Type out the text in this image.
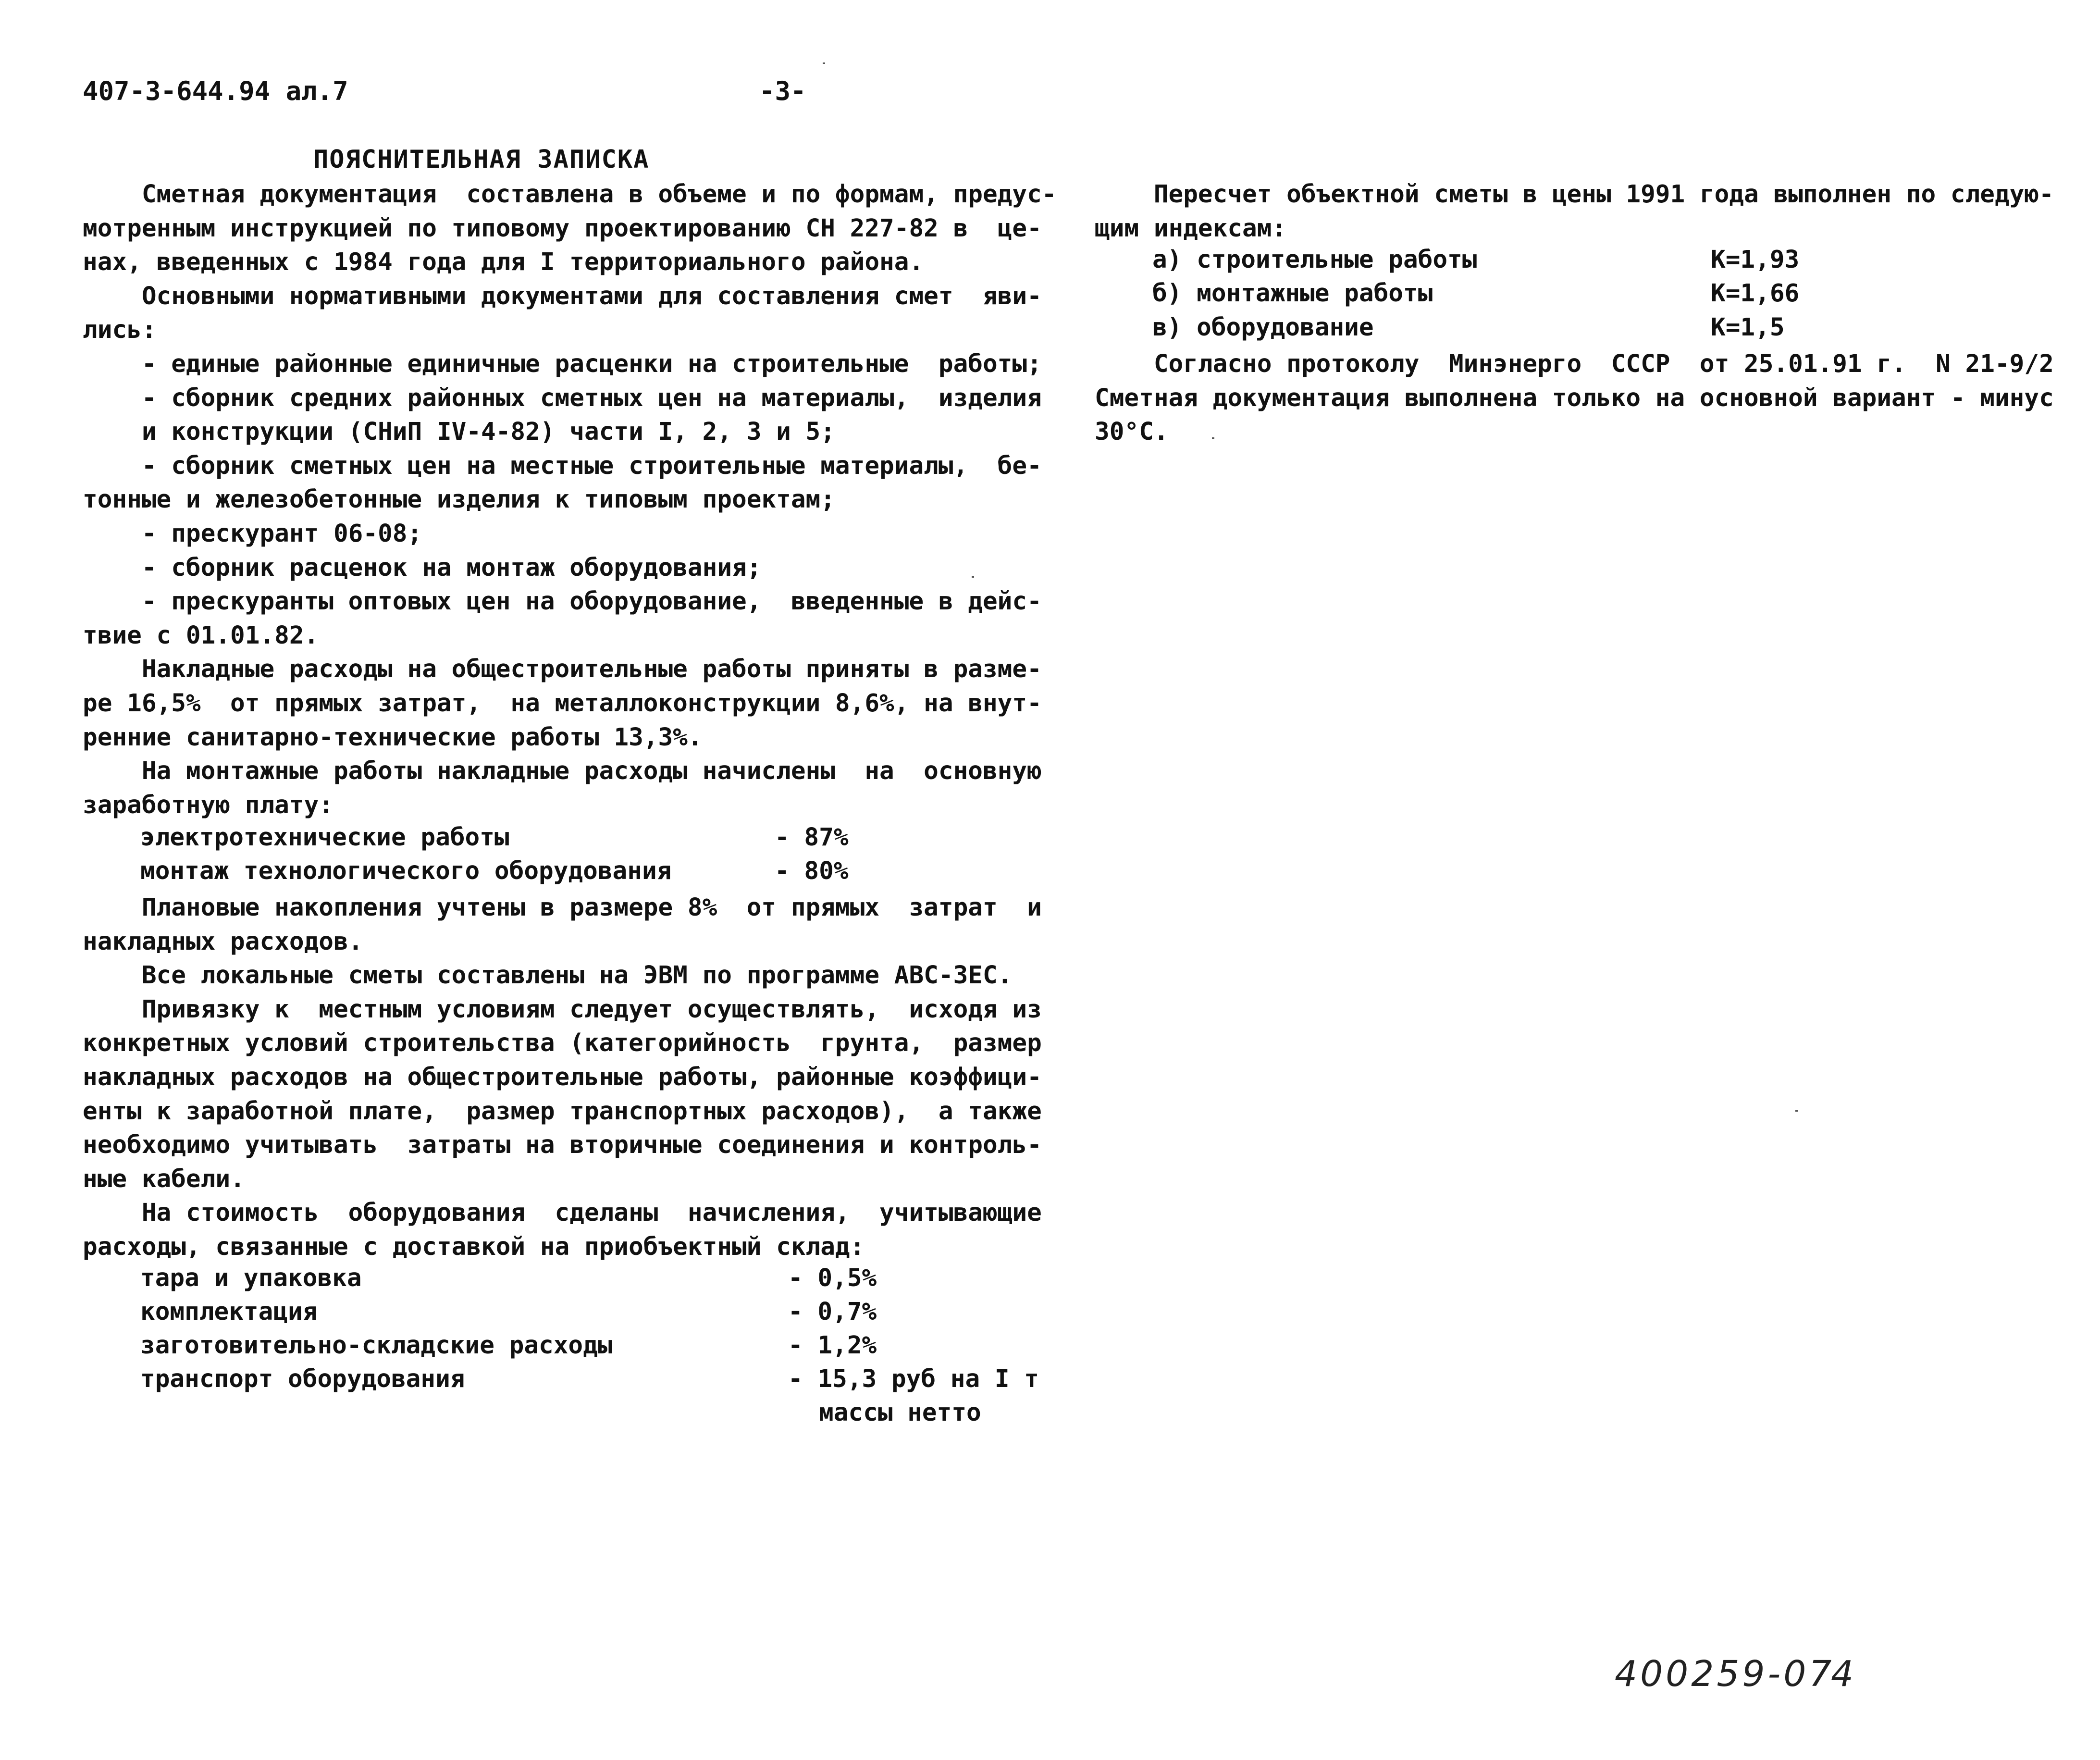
407-3-644.94 ал.7	-3-
ПОЯСНИТЕЛЬНАЯ ЗАПИСКА
Сметная документация  составлена в объеме и по формам, предус-
мотренным инструкцией по типовому проектированию СН 227-82 в  це-
нах, введенных с 1984 года для I территориального района.
Основными нормативными документами для составления смет  яви-
лись:
- единые районные единичные расценки на строительные  работы;
- сборник средних районных сметных цен на материалы,  изделия
и конструкции (СНиП IV-4-82) части I, 2, 3 и 5;
- сборник сметных цен на местные строительные материалы,  бе-
тонные и железобетонные изделия к типовым проектам;
- прескурант 06-08;
- сборник расценок на монтаж оборудования;
- прескуранты оптовых цен на оборудование,  введенные в дейс-
твие с 01.01.82.
Накладные расходы на общестроительные работы приняты в разме-
ре 16,5%  от прямых затрат,  на металлоконструкции 8,6%, на внут-
ренние санитарно-технические работы 13,3%.
На монтажные работы накладные расходы начислены  на  основную
заработную плату:
электротехнические работы	- 87%
монтаж технологического оборудования	- 80%
Плановые накопления учтены в размере 8%  от прямых  затрат  и
накладных расходов.
Все локальные сметы составлены на ЭВМ по программе АВС-3ЕС.
Привязку к  местным условиям следует осуществлять,  исходя из
конкретных условий строительства (категорийность  грунта,  размер
накладных расходов на общестроительные работы, районные коэффици-
енты к заработной плате,  размер транспортных расходов),  а также
необходимо учитывать  затраты на вторичные соединения и контроль-
ные кабели.
На стоимость  оборудования  сделаны  начисления,  учитывающие
расходы, связанные с доставкой на приобъектный склад:
тара и упаковка	- 0,5%
комплектация	- 0,7%
заготовительно-складские расходы	- 1,2%
транспорт оборудования	- 15,3 руб на I т
массы нетто
Пересчет объектной сметы в цены 1991 года выполнен по следую-
щим индексам:
а) строительные работы	К=1,93
б) монтажные работы	К=1,66
в) оборудование	К=1,5
Согласно протоколу  Минэнерго  СССР  от 25.01.91 г.  N 21-9/2
Сметная документация выполнена только на основной вариант - минус
30°С.
400259-07
4
